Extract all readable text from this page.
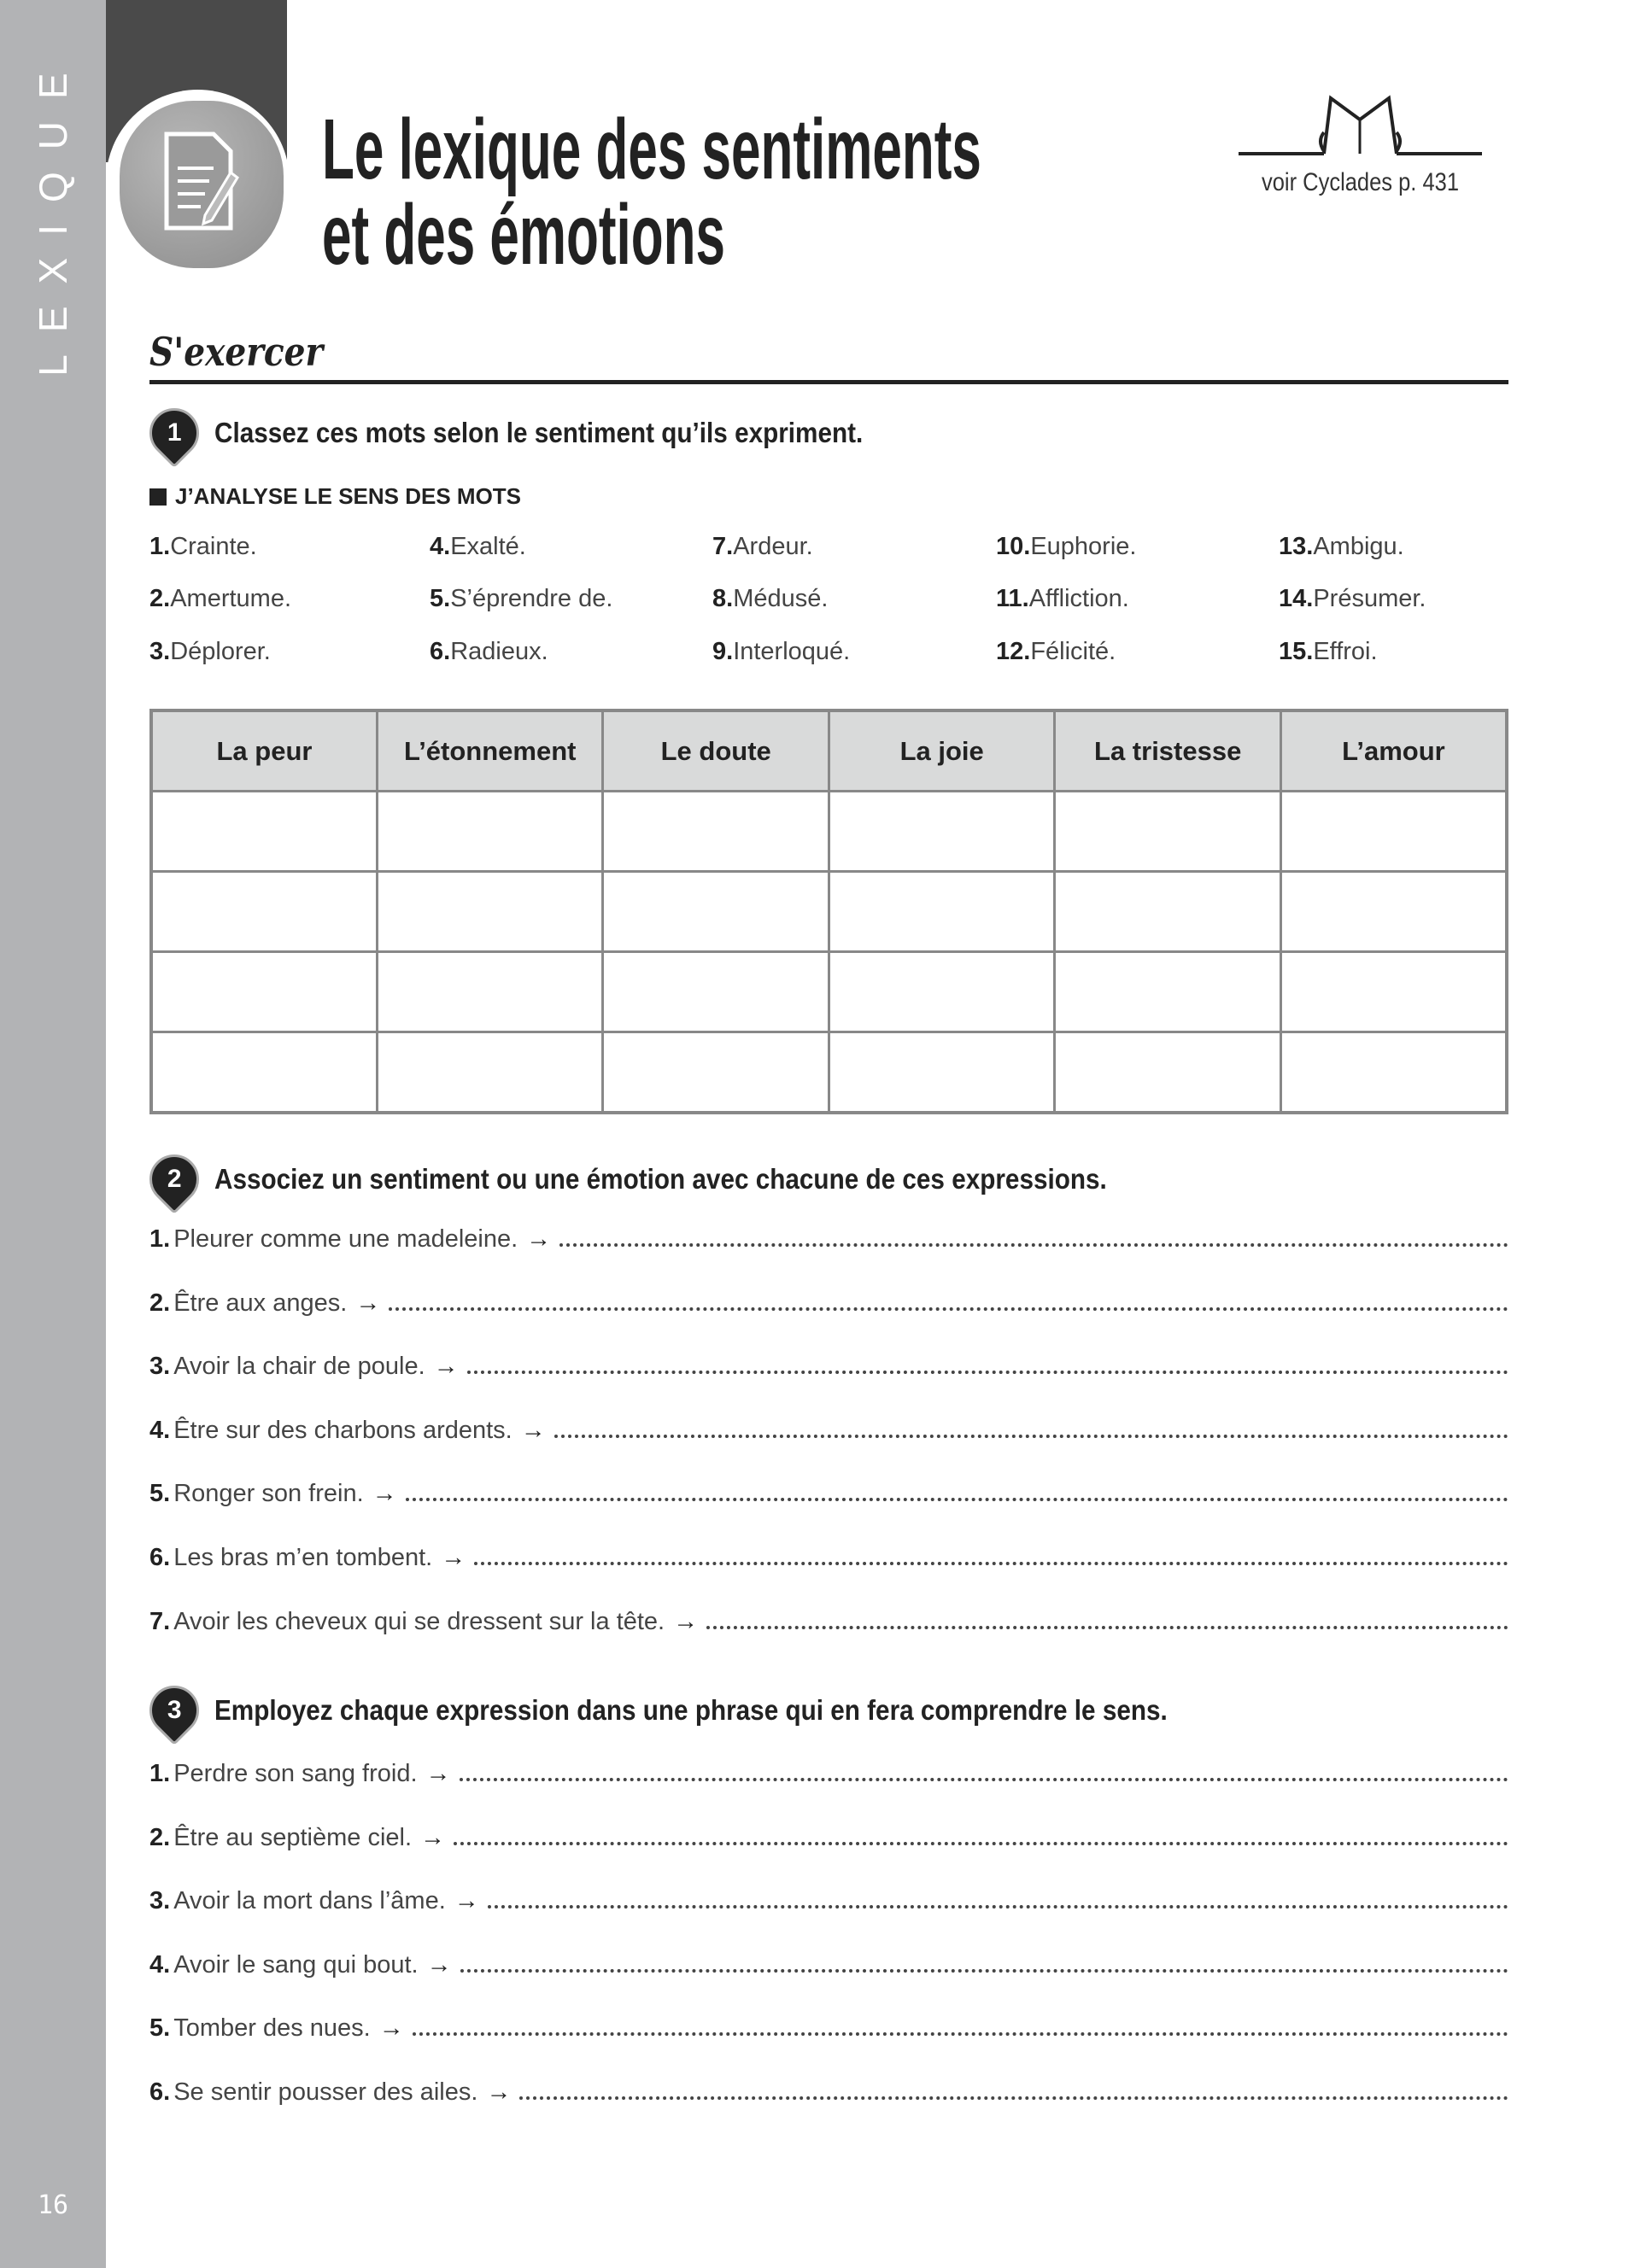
LEXIQUE
16
Le lexique des sentiments
et des émotions
voir Cyclades p. 431
S'exercer
1 Classez ces mots selon le sentiment qu’ils expriment.
J’ANALYSE LE SENS DES MOTS
1.Crainte.
2.Amertume.
3.Déplorer.
4.Exalté.
5.S’éprendre de.
6.Radieux.
7.Ardeur.
8.Médusé.
9.Interloqué.
10.Euphorie.
11.Affliction.
12.Félicité.
13.Ambigu.
14.Présumer.
15.Effroi.
La peur	L’étonnement	Le doute	La joie	La tristesse	L’amour

2 Associez un sentiment ou une émotion avec chacune de ces expressions.
1. Pleurer comme une madeleine. →
2. Être aux anges. →
3. Avoir la chair de poule. →
4. Être sur des charbons ardents. →
5. Ronger son frein. →
6. Les bras m’en tombent. →
7. Avoir les cheveux qui se dressent sur la tête. →
3 Employez chaque expression dans une phrase qui en fera comprendre le sens.
1. Perdre son sang froid. →
2. Être au septième ciel. →
3. Avoir la mort dans l’âme. →
4. Avoir le sang qui bout. →
5. Tomber des nues. →
6. Se sentir pousser des ailes. →
